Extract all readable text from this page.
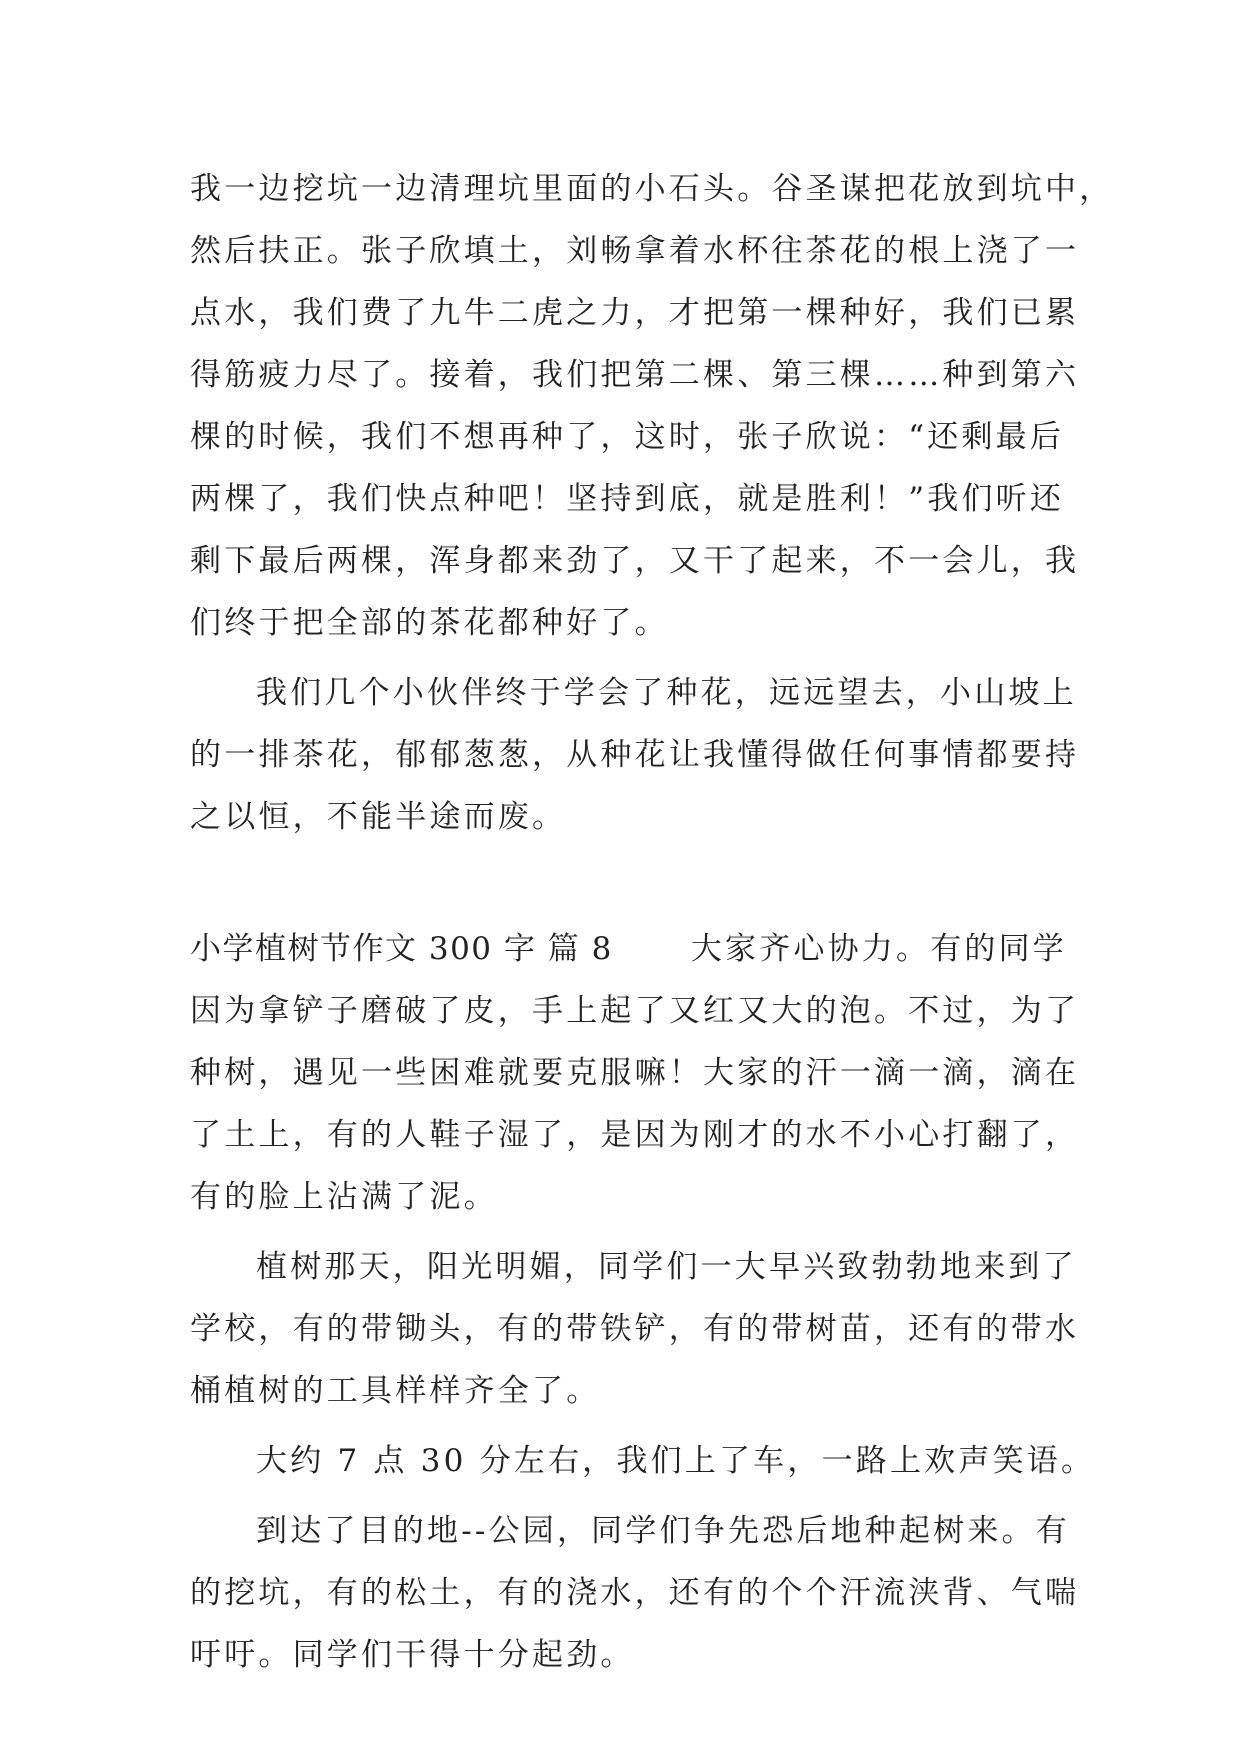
我一边挖坑一边清理坑里面的小石头。谷圣谋把花放到坑中，
然后扶正。张子欣填土，刘畅拿着水杯往茶花的根上浇了一
点水，我们费了九牛二虎之力，才把第一棵种好，我们已累
得筋疲力尽了。接着，我们把第二棵、第三棵……种到第六
棵的时候，我们不想再种了，这时，张子欣说：“还剩最后
两棵了，我们快点种吧！坚持到底，就是胜利！”我们听还
剩下最后两棵，浑身都来劲了，又干了起来，不一会儿，我
们终于把全部的茶花都种好了。
我们几个小伙伴终于学会了种花，远远望去，小山坡上
的一排茶花，郁郁葱葱，从种花让我懂得做任何事情都要持
之以恒，不能半途而废。
小学植树节作文 300 字 篇 8	大家齐心协力。有的同学
因为拿铲子磨破了皮，手上起了又红又大的泡。不过，为了
种树，遇见一些困难就要克服嘛！大家的汗一滴一滴，滴在
了土上，有的人鞋子湿了，是因为刚才的水不小心打翻了，
有的脸上沾满了泥。
植树那天，阳光明媚，同学们一大早兴致勃勃地来到了
学校，有的带锄头，有的带铁铲，有的带树苗，还有的带水
桶植树的工具样样齐全了。
大约 7 点 30 分左右，我们上了车，一路上欢声笑语。
到达了目的地--公园，同学们争先恐后地种起树来。有
的挖坑，有的松土，有的浇水，还有的个个汗流浃背、气喘
吁吁。同学们干得十分起劲。
